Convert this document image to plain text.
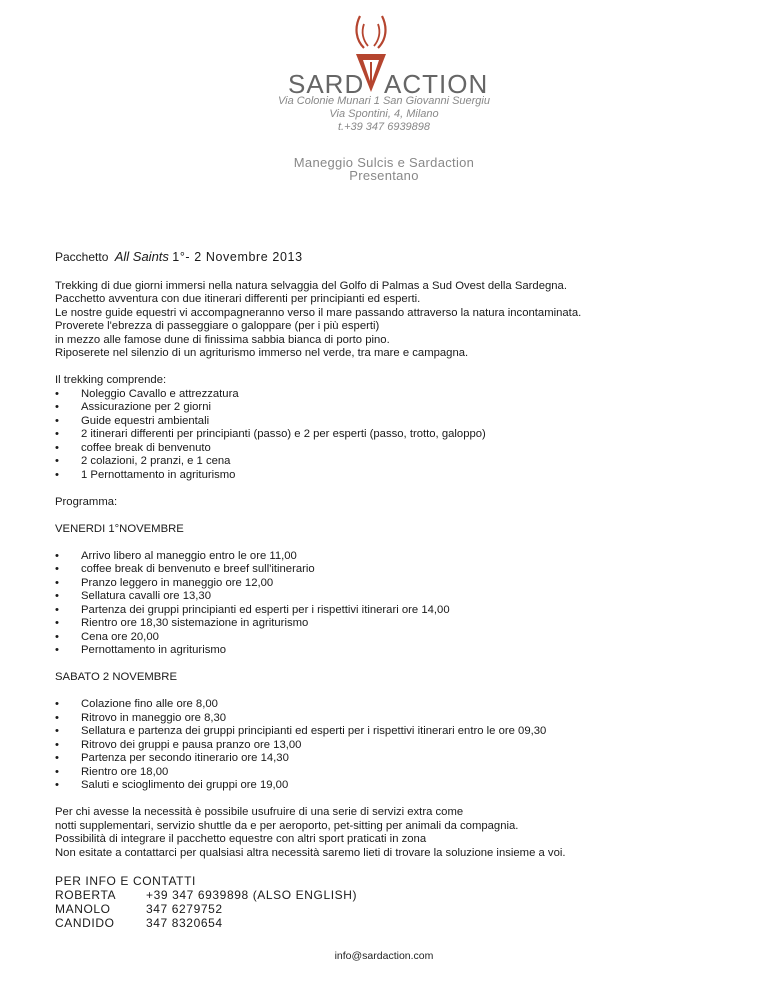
SARD ACTION
Via Colonie Munari 1 San Giovanni Suergiu
Via Spontini, 4, Milano
t.+39 347 6939898
Maneggio Sulcis e Sardaction
Presentano
Pacchetto All Saints 1°- 2 Novembre 2013

Trekking di due giorni immersi nella natura selvaggia del Golfo di Palmas a Sud Ovest della Sardegna.

Pacchetto avventura con due itinerari differenti per principianti ed esperti.

Le nostre guide equestri vi accompagneranno verso il mare passando attraverso la natura incontaminata.

Proverete l'ebrezza di passeggiare o galoppare (per i più esperti)

in mezzo alle famose dune di finissima sabbia bianca di porto pino.

Riposerete nel silenzio di un agriturismo immerso nel verde, tra mare e campagna.

Il trekking comprende:

• Noleggio Cavallo e attrezzatura
• Assicurazione per 2 giorni
• Guide equestri ambientali
• 2 itinerari differenti per principianti (passo) e 2 per esperti (passo, trotto, galoppo)
• coffee break di benvenuto
• 2 colazioni, 2 pranzi, e 1 cena
• 1 Pernottamento in agriturismo

Programma:

VENERDI 1°NOVEMBRE

• Arrivo libero al maneggio entro le ore 11,00
• coffee break di benvenuto e breef sull'itinerario
• Pranzo leggero in maneggio ore 12,00
• Sellatura cavalli ore 13,30
• Partenza dei gruppi principianti ed esperti per i rispettivi itinerari ore 14,00
• Rientro ore 18,30 sistemazione in agriturismo
• Cena ore 20,00
• Pernottamento in agriturismo

SABATO 2 NOVEMBRE

• Colazione fino alle ore 8,00
• Ritrovo in maneggio ore 8,30
• Sellatura e partenza dei gruppi principianti ed esperti per i rispettivi itinerari entro le ore 09,30
• Ritrovo dei gruppi e pausa pranzo ore 13,00
• Partenza per secondo itinerario ore 14,30
• Rientro ore 18,00
• Saluti e scioglimento dei gruppi ore 19,00

Per chi avesse la necessità è possibile usufruire di una serie di servizi extra come

notti supplementari, servizio shuttle da e per aeroporto, pet-sitting per animali da compagnia.

Possibilità di integrare il pacchetto equestre con altri sport praticati in zona

Non esitate a contattarci per qualsiasi altra necessità saremo lieti di trovare la soluzione insieme a voi.

PER INFO E CONTATTI
ROBERTA	+39 347 6939898 (ALSO ENGLISH)
MANOLO	347 6279752
CANDIDO	347 8320654
info@sardaction.com
